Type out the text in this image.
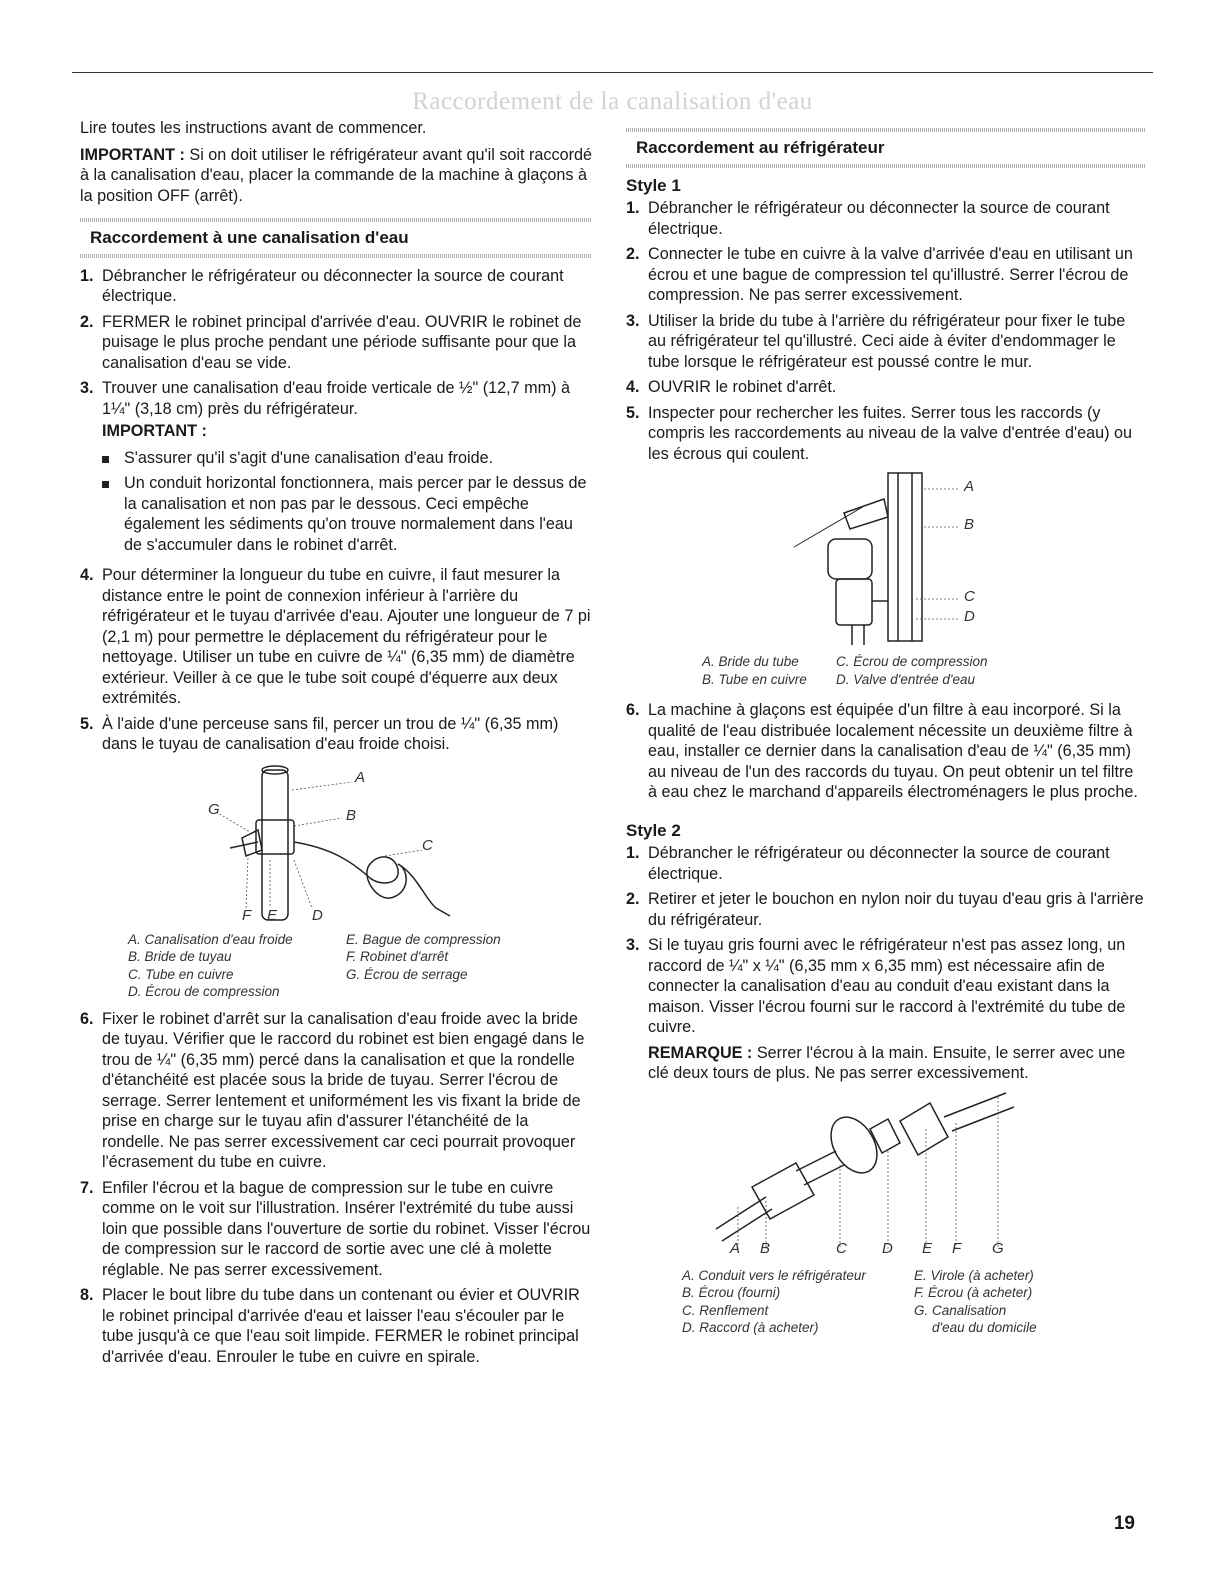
Raccordement de la canalisation d'eau

Lire toutes les instructions avant de commencer.

IMPORTANT : Si on doit utiliser le réfrigérateur avant qu'il soit raccordé à la canalisation d'eau, placer la commande de la machine à glaçons à la position OFF (arrêt).

Raccordement à une canalisation d'eau
1. Débrancher le réfrigérateur ou déconnecter la source de courant électrique.
2. FERMER le robinet principal d'arrivée d'eau. OUVRIR le robinet de puisage le plus proche pendant une période suffisante pour que la canalisation d'eau se vide.
3. Trouver une canalisation d'eau froide verticale de ½" (12,7 mm) à 1¼" (3,18 cm) près du réfrigérateur.
IMPORTANT :
S'assurer qu'il s'agit d'une canalisation d'eau froide.
Un conduit horizontal fonctionnera, mais percer par le dessus de la canalisation et non pas par le dessous. Ceci empêche également les sédiments qu'on trouve normalement dans l'eau de s'accumuler dans le robinet d'arrêt.
4. Pour déterminer la longueur du tube en cuivre, il faut mesurer la distance entre le point de connexion inférieur à l'arrière du réfrigérateur et le tuyau d'arrivée d'eau. Ajouter une longueur de 7 pi (2,1 m) pour permettre le déplacement du réfrigérateur pour le nettoyage. Utiliser un tube en cuivre de ¼" (6,35 mm) de diamètre extérieur. Veiller à ce que le tube soit coupé d'équerre aux deux extrémités.
5. À l'aide d'une perceuse sans fil, percer un trou de ¼" (6,35 mm) dans le tuyau de canalisation d'eau froide choisi.
A
B
C
G
F E D
A. Canalisation d'eau froide
B. Bride de tuyau
C. Tube en cuivre
D. Écrou de compression
E. Bague de compression
F. Robinet d'arrêt
G. Écrou de serrage
6. Fixer le robinet d'arrêt sur la canalisation d'eau froide avec la bride de tuyau. Vérifier que le raccord du robinet est bien engagé dans le trou de ¼" (6,35 mm) percé dans la canalisation et que la rondelle d'étanchéité est placée sous la bride de tuyau. Serrer l'écrou de serrage. Serrer lentement et uniformément les vis fixant la bride de prise en charge sur le tuyau afin d'assurer l'étanchéité de la rondelle. Ne pas serrer excessivement car ceci pourrait provoquer l'écrasement du tube en cuivre.
7. Enfiler l'écrou et la bague de compression sur le tube en cuivre comme on le voit sur l'illustration. Insérer l'extrémité du tube aussi loin que possible dans l'ouverture de sortie du robinet. Visser l'écrou de compression sur le raccord de sortie avec une clé à molette réglable. Ne pas serrer excessivement.
8. Placer le bout libre du tube dans un contenant ou évier et OUVRIR le robinet principal d'arrivée d'eau et laisser l'eau s'écouler par le tube jusqu'à ce que l'eau soit limpide. FERMER le robinet principal d'arrivée d'eau. Enrouler le tube en cuivre en spirale.
Raccordement au réfrigérateur
Style 1
1. Débrancher le réfrigérateur ou déconnecter la source de courant électrique.
2. Connecter le tube en cuivre à la valve d'arrivée d'eau en utilisant un écrou et une bague de compression tel qu'illustré. Serrer l'écrou de compression. Ne pas serrer excessivement.
3. Utiliser la bride du tube à l'arrière du réfrigérateur pour fixer le tube au réfrigérateur tel qu'illustré. Ceci aide à éviter d'endommager le tube lorsque le réfrigérateur est poussé contre le mur.
4. OUVRIR le robinet d'arrêt.
5. Inspecter pour rechercher les fuites. Serrer tous les raccords (y compris les raccordements au niveau de la valve d'entrée d'eau) ou les écrous qui coulent.
A
B
C
D
A. Bride du tube
B. Tube en cuivre
C. Écrou de compression
D. Valve d'entrée d'eau
6. La machine à glaçons est équipée d'un filtre à eau incorporé. Si la qualité de l'eau distribuée localement nécessite un deuxième filtre à eau, installer ce dernier dans la canalisation d'eau de ¼" (6,35 mm) au niveau de l'un des raccords du tuyau. On peut obtenir un tel filtre à eau chez le marchand d'appareils électroménagers le plus proche.
Style 2
1. Débrancher le réfrigérateur ou déconnecter la source de courant électrique.
2. Retirer et jeter le bouchon en nylon noir du tuyau d'eau gris à l'arrière du réfrigérateur.
3. Si le tuyau gris fourni avec le réfrigérateur n'est pas assez long, un raccord de ¼" x ¼" (6,35 mm x 6,35 mm) est nécessaire afin de connecter la canalisation d'eau au conduit d'eau existant dans la maison. Visser l'écrou fourni sur le raccord à l'extrémité du tube de cuivre.
REMARQUE : Serrer l'écrou à la main. Ensuite, le serrer avec une clé deux tours de plus. Ne pas serrer excessivement.
A B	C D E F G
A. Conduit vers le réfrigérateur
B. Écrou (fourni)
C. Renflement
D. Raccord (à acheter)
E. Virole (à acheter)
F. Écrou (à acheter)
G. Canalisation
d'eau du domicile
19
